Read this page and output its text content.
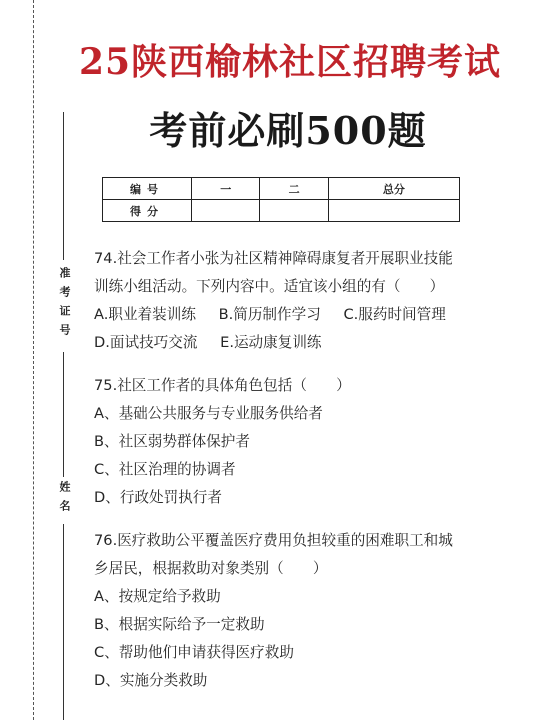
准考证号
姓名
25陕西榆林社区招聘考试
考前必刷500题
编号	一	二	总分
得分			

74.社会工作者小张为社区精神障碍康复者开展职业技能

训练小组活动。下列内容中。适宜该小组的有（　　）

A.职业着装训练 B.简历制作学习 C.服药时间管理

D.面试技巧交流 E.运动康复训练

75.社区工作者的具体角色包括（　　）

A、基础公共服务与专业服务供给者

B、社区弱势群体保护者

C、社区治理的协调者

D、行政处罚执行者

76.医疗救助公平覆盖医疗费用负担较重的困难职工和城

乡居民，根据救助对象类别（　　）

A、按规定给予救助

B、根据实际给予一定救助

C、帮助他们申请获得医疗救助

D、实施分类救助
